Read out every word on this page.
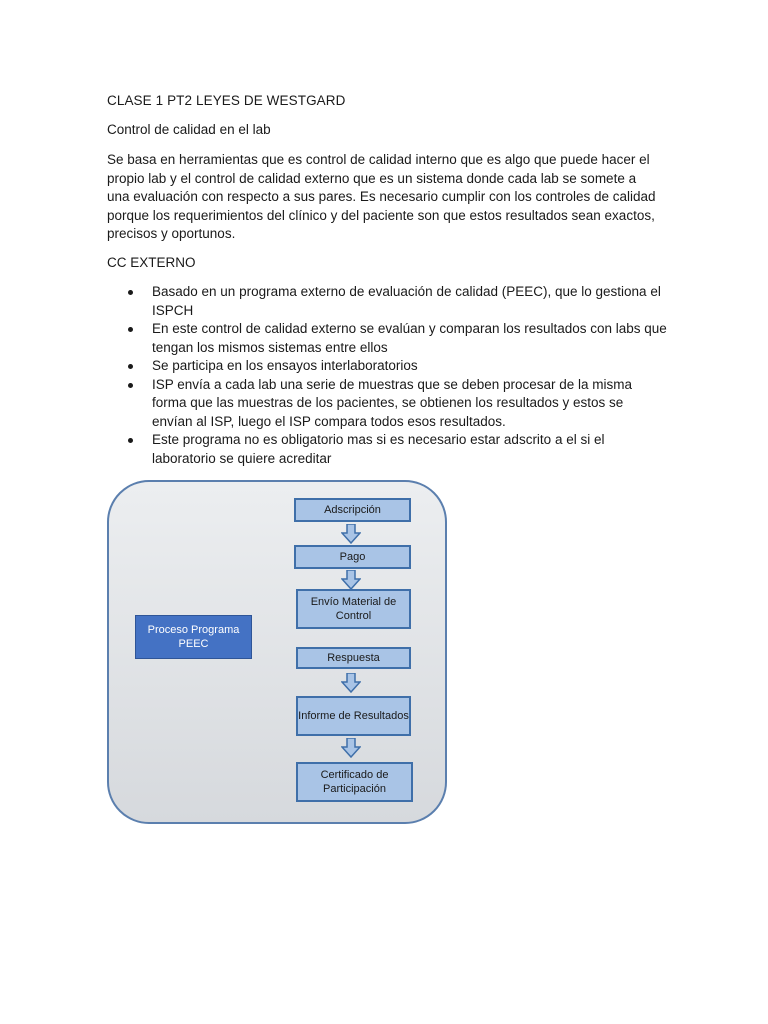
CLASE 1 PT2 LEYES DE WESTGARD
Control de calidad en el lab

Se basa en herramientas que es control de calidad interno que es algo que puede hacer el propio lab y el control de calidad externo que es un sistema donde cada lab se somete a una evaluación con respecto a sus pares. Es necesario cumplir con los controles de calidad porque los requerimientos del clínico y del paciente son que estos resultados sean exactos, precisos y oportunos.

CC EXTERNO
Basado en un programa externo de evaluación de calidad (PEEC), que lo gestiona el ISPCH
En este control de calidad externo se evalúan y comparan los resultados con labs que tengan los mismos sistemas entre ellos
Se participa en los ensayos interlaboratorios
ISP envía a cada lab una serie de muestras que se deben procesar de la misma forma que las muestras de los pacientes, se obtienen los resultados y estos se envían al ISP, luego el ISP compara todos esos resultados.
Este programa no es obligatorio mas si es necesario estar adscrito a el si el laboratorio se quiere acreditar
Proceso Programa PEEC
Adscripción
Pago
Envío Material de Control
Respuesta
Informe de Resultados
Certificado de Participación
